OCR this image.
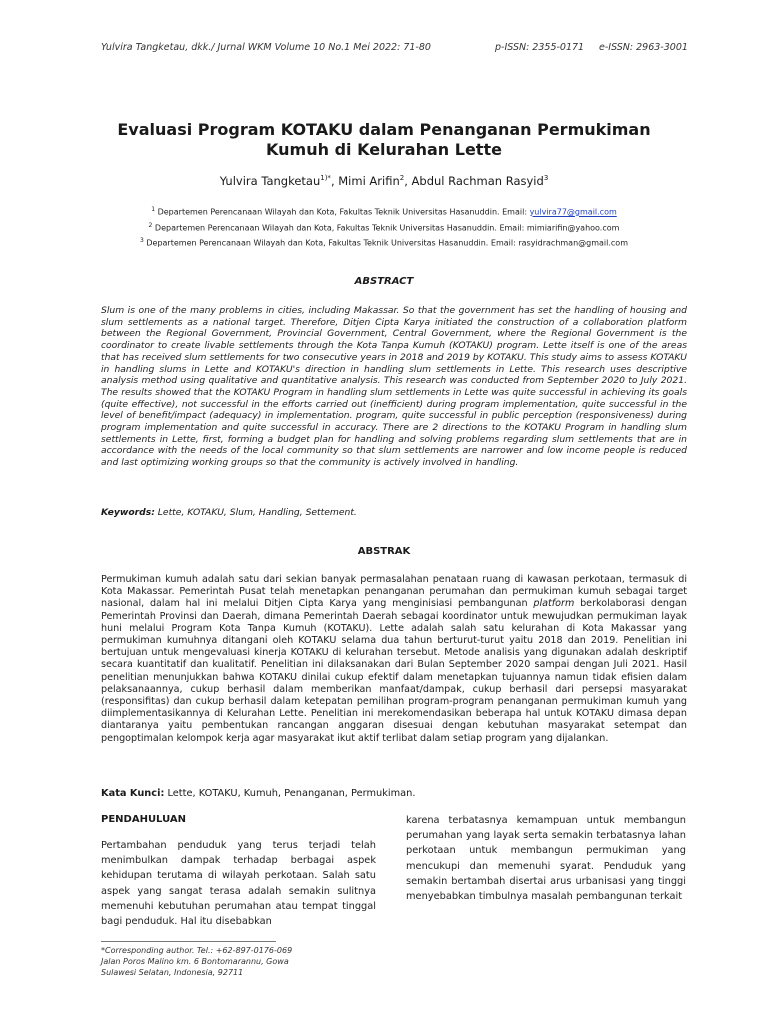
Yulvira Tangketau, dkk./ Jurnal WKM Volume 10 No.1 Mei 2022: 71-80	p-ISSN: 2355-0171 e-ISSN: 2963-3001
Evaluasi Program KOTAKU dalam Penanganan Permukiman
Kumuh di Kelurahan Lette
Yulvira Tangketau$^{1)*}$, Mimi Arifin$^2$, Abdul Rachman Rasyid$^3$
$^1$ Departemen Perencanaan Wilayah dan Kota, Fakultas Teknik Universitas Hasanuddin. Email: yulvira77@gmail.com
$^2$ Departemen Perencanaan Wilayah dan Kota, Fakultas Teknik Universitas Hasanuddin. Email: mimiarifin@yahoo.com
$^3$ Departemen Perencanaan Wilayah dan Kota, Fakultas Teknik Universitas Hasanuddin. Email: rasyidrachman@gmail.com
ABSTRACT
Slum is one of the many problems in cities, including Makassar. So that the government has set the handling of housing and slum settlements as a national target. Therefore, Ditjen Cipta Karya initiated the construction of a collaboration platform between the Regional Government, Provincial Government, Central Government, where the Regional Government is the coordinator to create livable settlements through the Kota Tanpa Kumuh (KOTAKU) program. Lette itself is one of the areas that has received slum settlements for two consecutive years in 2018 and 2019 by KOTAKU. This study aims to assess KOTAKU in handling slums in Lette and KOTAKU's direction in handling slum settlements in Lette. This research uses descriptive analysis method using qualitative and quantitative analysis. This research was conducted from September 2020 to July 2021. The results showed that the KOTAKU Program in handling slum settlements in Lette was quite successful in achieving its goals (quite effective), not successful in the efforts carried out (inefficient) during program implementation, quite successful in the level of benefit/impact (adequacy) in implementation. program, quite successful in public perception (responsiveness) during program implementation and quite successful in accuracy. There are 2 directions to the KOTAKU Program in handling slum settlements in Lette, first, forming a budget plan for handling and solving problems regarding slum settlements that are in accordance with the needs of the local community so that slum settlements are narrower and low income people is reduced and last optimizing working groups so that the community is actively involved in handling.
Keywords: Lette, KOTAKU, Slum, Handling, Settement.
ABSTRAK
Permukiman kumuh adalah satu dari sekian banyak permasalahan penataan ruang di kawasan perkotaan, termasuk di Kota Makassar. Pemerintah Pusat telah menetapkan penanganan perumahan dan permukiman kumuh sebagai target nasional, dalam hal ini melalui Ditjen Cipta Karya yang menginisiasi pembangunan platform berkolaborasi dengan Pemerintah Provinsi dan Daerah, dimana Pemerintah Daerah sebagai koordinator untuk mewujudkan permukiman layak huni melalui Program Kota Tanpa Kumuh (KOTAKU). Lette adalah salah satu kelurahan di Kota Makassar yang permukiman kumuhnya ditangani oleh KOTAKU selama dua tahun berturut-turut yaitu 2018 dan 2019. Penelitian ini bertujuan untuk mengevaluasi kinerja KOTAKU di kelurahan tersebut. Metode analisis yang digunakan adalah deskriptif secara kuantitatif dan kualitatif. Penelitian ini dilaksanakan dari Bulan September 2020 sampai dengan Juli 2021. Hasil penelitian menunjukkan bahwa KOTAKU dinilai cukup efektif dalam menetapkan tujuannya namun tidak efisien dalam pelaksanaannya, cukup berhasil dalam memberikan manfaat/dampak, cukup berhasil dari persepsi masyarakat (responsifitas) dan cukup berhasil dalam ketepatan pemilihan program-program penanganan permukiman kumuh yang diimplementasikannya di Kelurahan Lette. Penelitian ini merekomendasikan beberapa hal untuk KOTAKU dimasa depan diantaranya yaitu pembentukan rancangan anggaran disesuai dengan kebutuhan masyarakat setempat dan pengoptimalan kelompok kerja agar masyarakat ikut aktif terlibat dalam setiap program yang dijalankan.
Kata Kunci: Lette, KOTAKU, Kumuh, Penanganan, Permukiman.
PENDAHULUAN
Pertambahan penduduk yang terus terjadi telah menimbulkan dampak terhadap berbagai aspek kehidupan terutama di wilayah perkotaan. Salah satu aspek yang sangat terasa adalah semakin sulitnya memenuhi kebutuhan perumahan atau tempat tinggal bagi penduduk. Hal itu disebabkan
karena terbatasnya kemampuan untuk membangun perumahan yang layak serta semakin terbatasnya lahan perkotaan untuk membangun permukiman yang mencukupi dan memenuhi syarat. Penduduk yang semakin bertambah disertai arus urbanisasi yang tinggi menyebabkan timbulnya masalah pembangunan terkait
*Corresponding author. Tel.: +62-897-0176-069
Jalan Poros Malino km. 6 Bontomarannu, Gowa
Sulawesi Selatan, Indonesia, 92711
